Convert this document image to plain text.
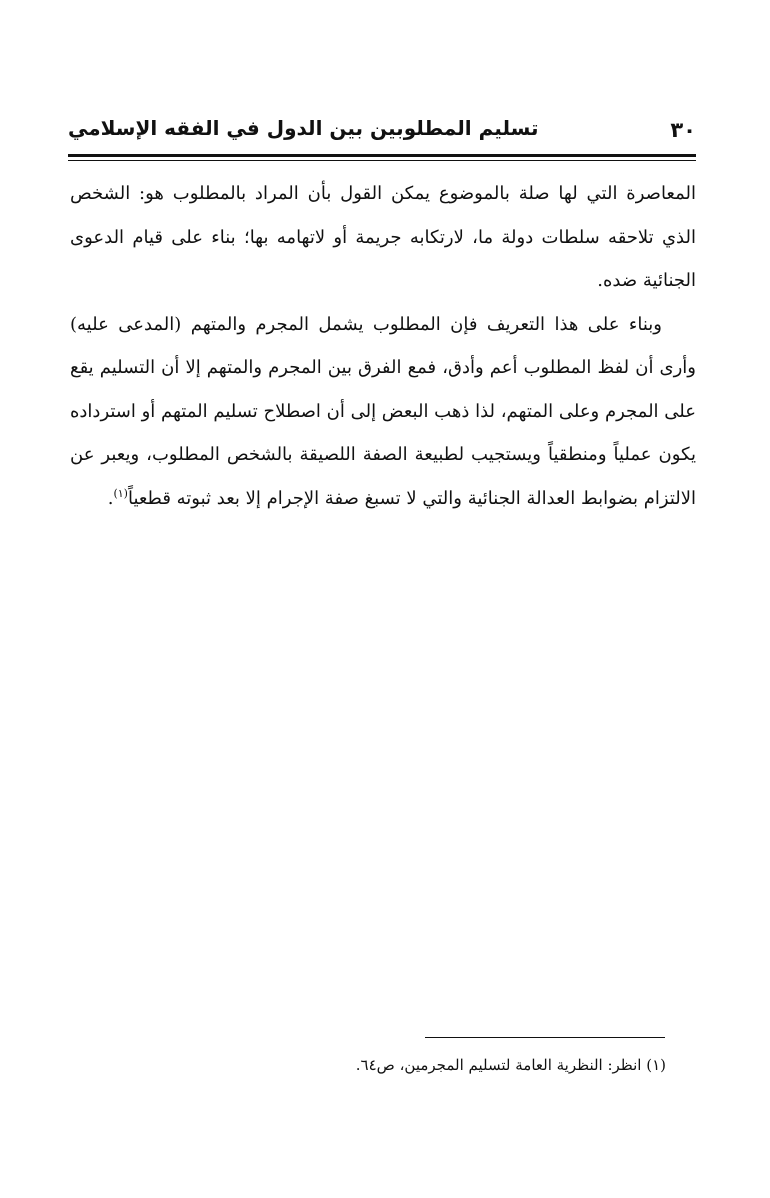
٣٠
تسليم المطلوبين بين الدول في الفقه الإسلامي

المعاصرة التي لها صلة بالموضوع يمكن القول بأن المراد بالمطلوب هو: الشخص الذي تلاحقه سلطات دولة ما، لارتكابه جريمة أو لاتهامه بها؛ بناء على قيام الدعوى الجنائية ضده.

وبناء على هذا التعريف فإن المطلوب يشمل المجرم والمتهم (المدعى عليه) وأرى أن لفظ المطلوب أعم وأدق، فمع الفرق بين المجرم والمتهم إلا أن التسليم يقع على المجرم وعلى المتهم، لذا ذهب البعض إلى أن اصطلاح تسليم المتهم أو استرداده يكون عملياً ومنطقياً ويستجيب لطبيعة الصفة اللصيقة بالشخص المطلوب، ويعبر عن الالتزام بضوابط العدالة الجنائية والتي لا تسبغ صفة الإجرام إلا بعد ثبوته قطعياً$^{(١)}$.

(١) انظر: النظرية العامة لتسليم المجرمين، ص٦٤.
